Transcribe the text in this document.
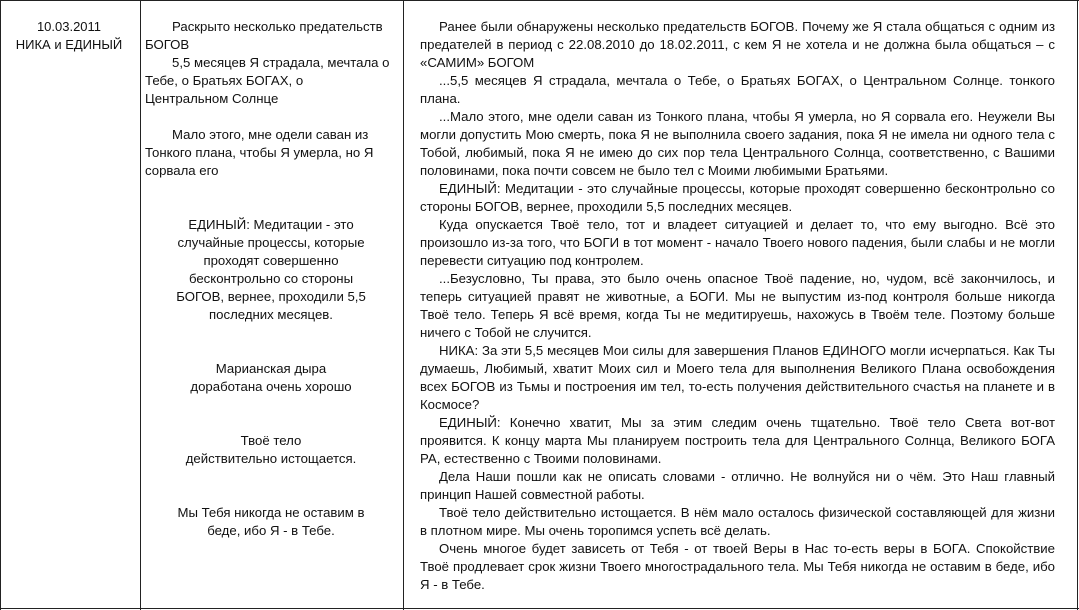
10.03.2011
НИКА и ЕДИНЫЙ

Раскрыто несколько предательств

БОГОВ

5,5 месяцев Я страдала, мечтала о

Тебе, о Братьях БОГАХ, о

Центральном Солнце

Мало этого, мне одели саван из

Тонкого плана, чтобы Я умерла, но Я

сорвала его

ЕДИНЫЙ: Медитации - это

случайные процессы, которые

проходят совершенно

бесконтрольно со стороны

БОГОВ, вернее, проходили 5,5

последних месяцев.

Марианская дыра

доработана очень хорошо

Твоё тело

действительно истощается.

Мы Тебя никогда не оставим в

беде, ибо Я - в Тебе.

Ранее были обнаружены несколько предательств БОГОВ. Почему же Я стала общаться с одним из предателей в период с 22.08.2010 до 18.02.2011, с кем Я не хотела и не должна была общаться – с «САМИМ» БОГОМ

...5,5 месяцев Я страдала, мечтала о Тебе, о Братьях БОГАХ, о Центральном Солнце. тонкого плана.

...Мало этого, мне одели саван из Тонкого плана, чтобы Я умерла, но Я сорвала его. Неужели Вы могли допустить Мою смерть, пока Я не выполнила своего задания, пока Я не имела ни одного тела с Тобой, любимый, пока Я не имею до сих пор тела Центрального Солнца, соответственно, с Вашими половинами, пока почти совсем не было тел с Моими любимыми Братьями.

ЕДИНЫЙ: Медитации - это случайные процессы, которые проходят совершенно бесконтрольно со стороны БОГОВ, вернее, проходили 5,5 последних месяцев.

Куда опускается Твоё тело, тот и владеет ситуацией и делает то, что ему выгодно. Всё это произошло из-за того, что БОГИ в тот момент - начало Твоего нового падения, были слабы и не могли перевести ситуацию под контролем.

...Безусловно, Ты права, это было очень опасное Твоё падение, но, чудом, всё закончилось, и теперь ситуацией правят не животные, а БОГИ. Мы не выпустим из-под контроля больше никогда Твоё тело. Теперь Я всё время, когда Ты не медитируешь, нахожусь в Твоём теле. Поэтому больше ничего с Тобой не случится.

НИКА: За эти 5,5 месяцев Мои силы для завершения Планов ЕДИНОГО могли исчерпаться. Как Ты думаешь, Любимый, хватит Моих сил и Моего тела для выполнения Великого Плана освобождения всех БОГОВ из Тьмы и построения им тел, то-есть получения действительного счастья на планете и в Космосе?

ЕДИНЫЙ: Конечно хватит, Мы за этим следим очень тщательно. Твоё тело Света вот-вот проявится. К концу марта Мы планируем построить тела для Центрального Солнца, Великого БОГА РА, естественно с Твоими половинами.

Дела Наши пошли как не описать словами - отлично. Не волнуйся ни о чём. Это Наш главный принцип Нашей совместной работы.

Твоё тело действительно истощается. В нём мало осталось физической составляющей для жизни в плотном мире. Мы очень торопимся успеть всё делать.

Очень многое будет зависеть от Тебя - от твоей Веры в Нас то-есть веры в БОГА. Спокойствие Твоё продлевает срок жизни Твоего многострадального тела. Мы Тебя никогда не оставим в беде, ибо Я - в Тебе.
